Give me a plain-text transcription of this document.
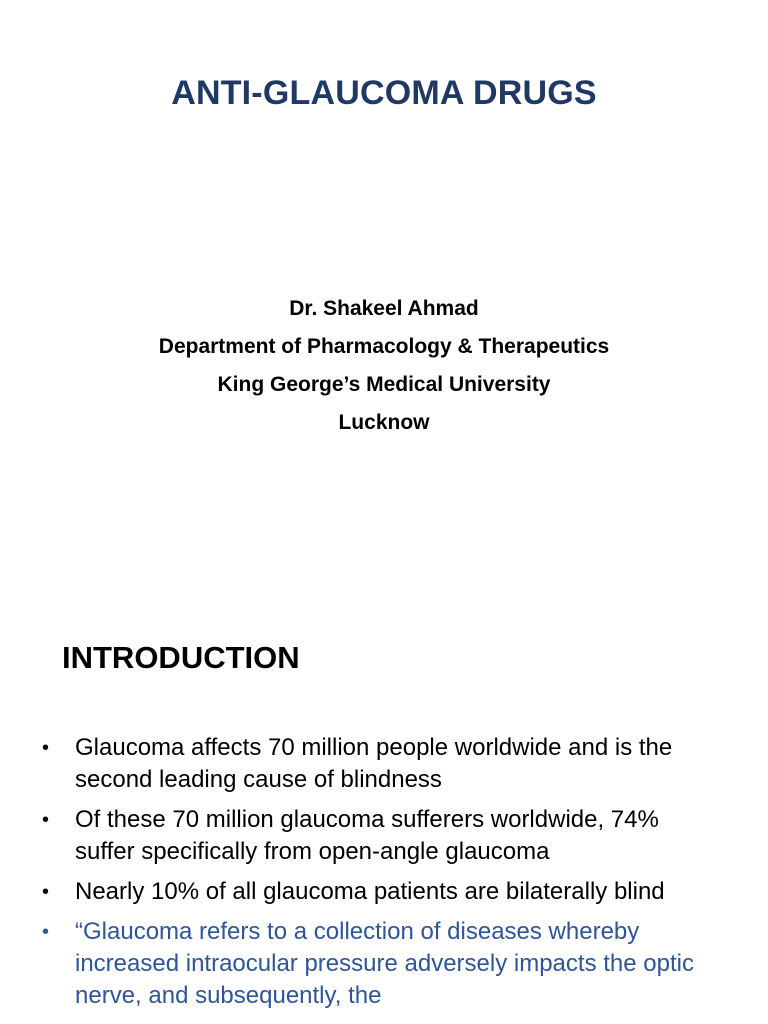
ANTI-GLAUCOMA DRUGS
Dr. Shakeel Ahmad
Department of Pharmacology & Therapeutics
King George’s Medical University
Lucknow
INTRODUCTION
• Glaucoma affects 70 million people worldwide and is the second leading cause of blindness
• Of these 70 million glaucoma sufferers worldwide, 74% suffer specifically from open-angle glaucoma
• Nearly 10% of all glaucoma patients are bilaterally blind
• “Glaucoma refers to a collection of diseases whereby increased intraocular pressure adversely impacts the optic nerve, and subsequently, the
